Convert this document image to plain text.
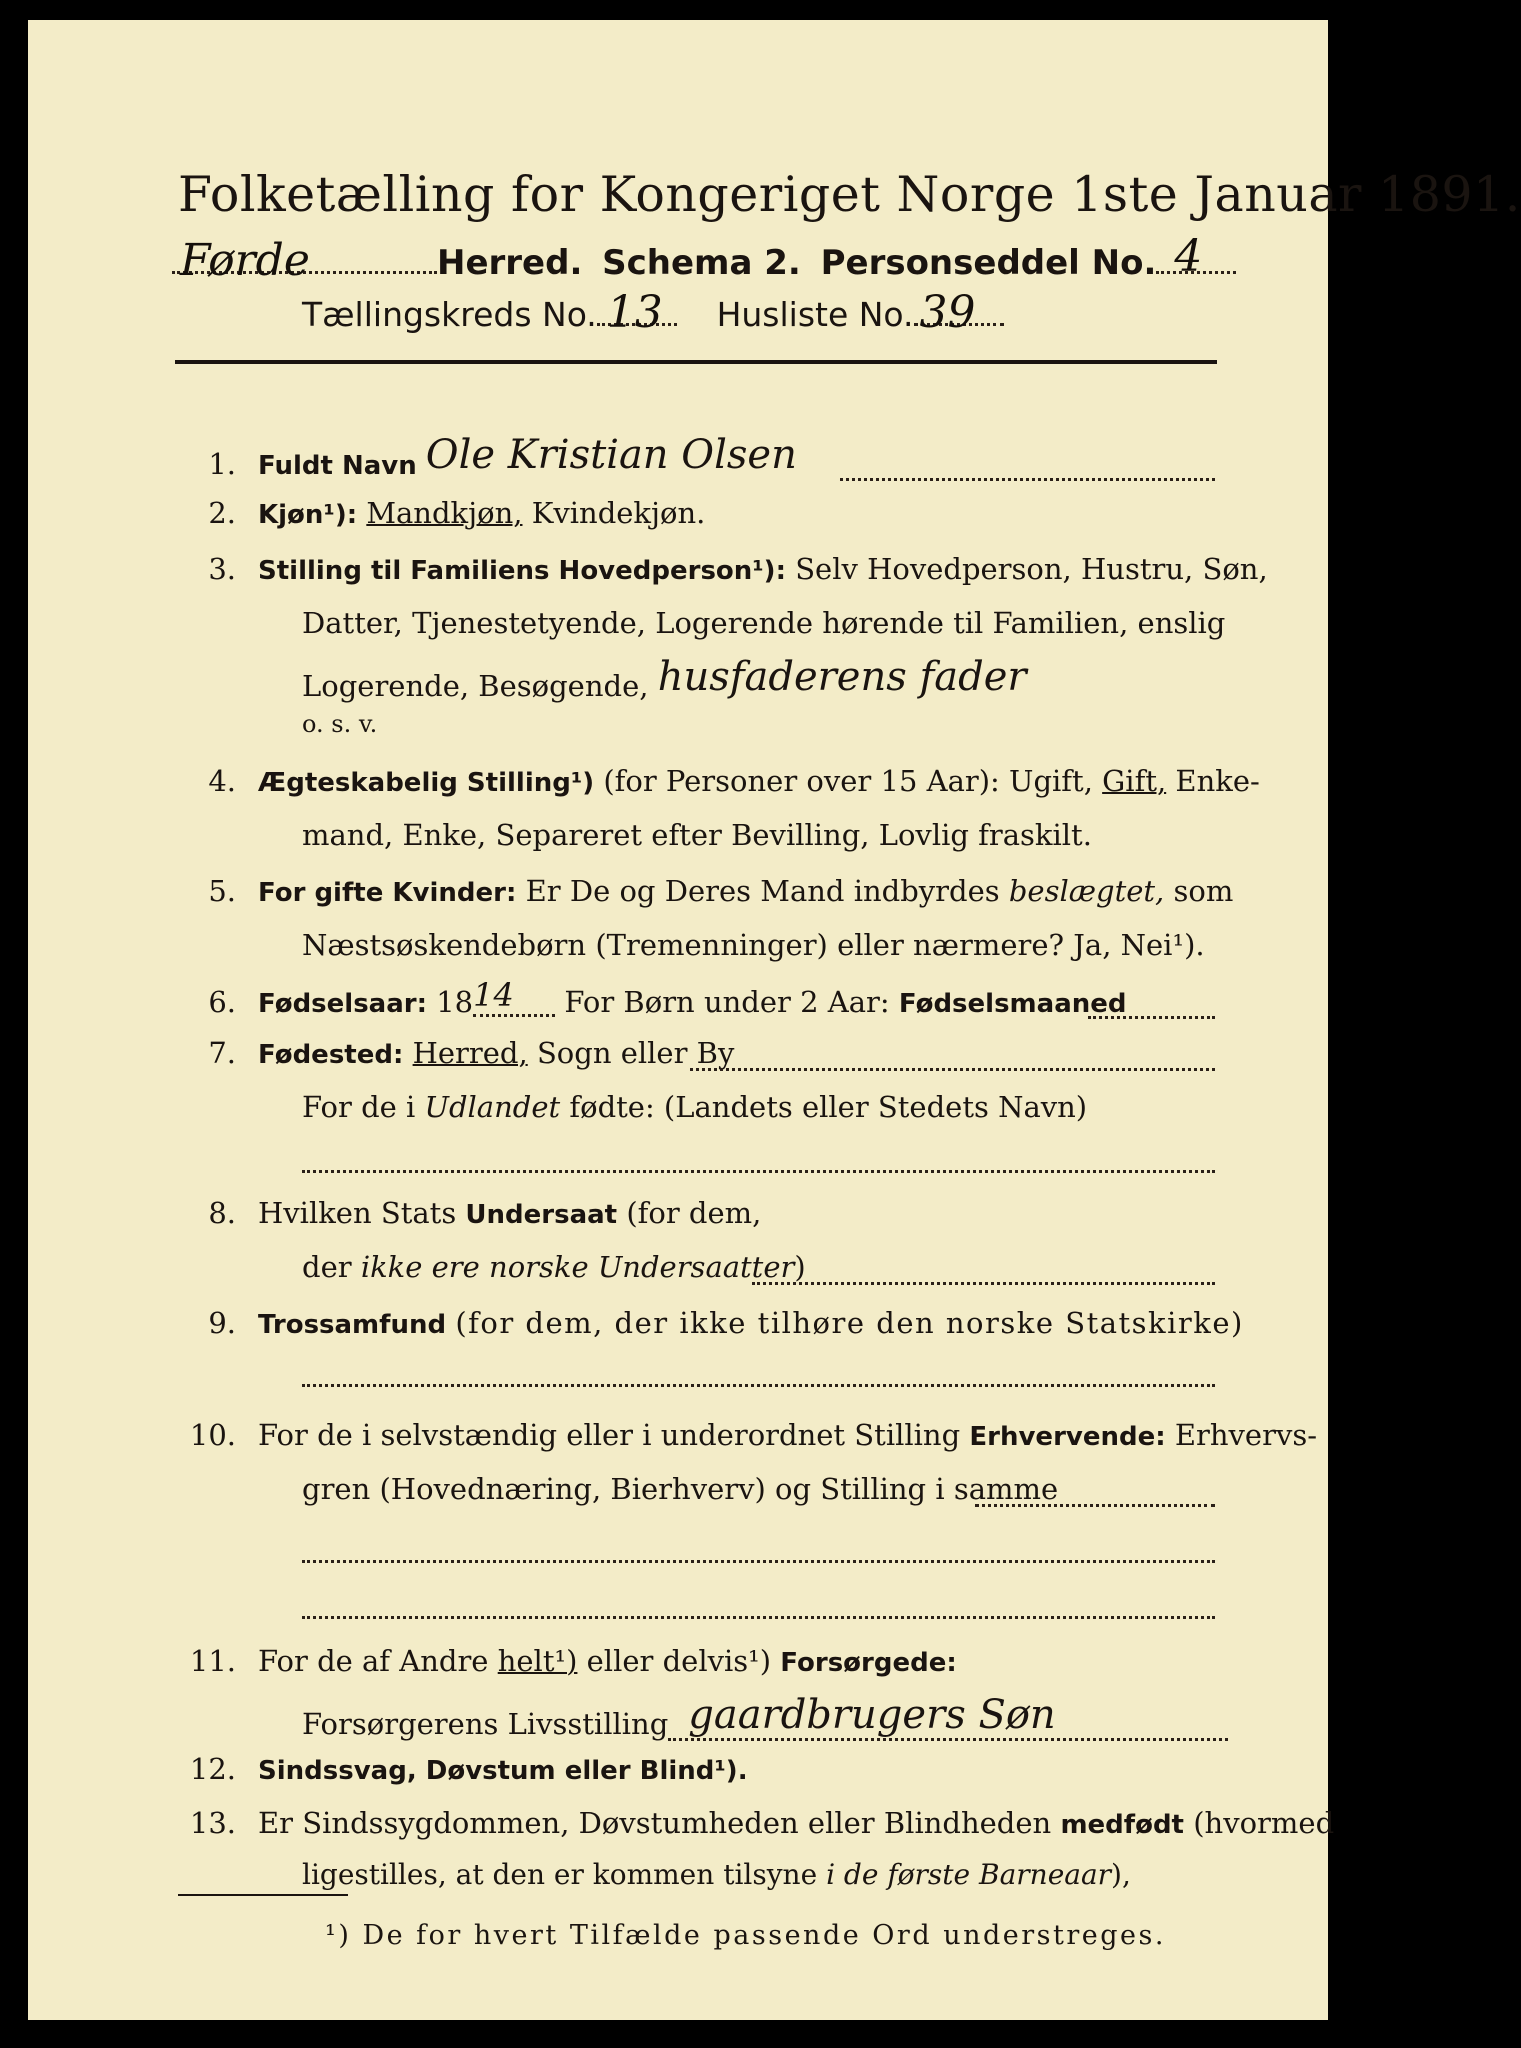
Folketælling for Kongeriget Norge 1ste Januar 1891.
Førde	Herred. Schema 2. Personseddel No. 4
Tællingskreds No. 13 Husliste No. 39
1. Fuldt Navn Ole Kristian Olsen
2. Kjøn¹): Mandkjøn, Kvindekjøn.
3. Stilling til Familiens Hovedperson¹): Selv Hovedperson, Hustru, Søn,
Datter, Tjenestetyende, Logerende hørende til Familien, enslig
Logerende, Besøgende, husfaderens fader
o. s. v.
4. Ægteskabelig Stilling¹) (for Personer over 15 Aar): Ugift, Gift, Enke-
mand, Enke, Separeret efter Bevilling, Lovlig fraskilt.
5. For gifte Kvinder: Er De og Deres Mand indbyrdes beslægtet, som
Næstsøskendebørn (Tremenninger) eller nærmere? Ja, Nei¹).
6. Fødselsaar: 1814 For Børn under 2 Aar: Fødselsmaaned
7. Fødested: Herred, Sogn eller By
For de i Udlandet fødte: (Landets eller Stedets Navn)
8. Hvilken Stats Undersaat (for dem,
der ikke ere norske Undersaatter)
9. Trossamfund (for dem, der ikke tilhøre den norske Statskirke)
10. For de i selvstændig eller i underordnet Stilling Erhvervende: Erhvervs-
gren (Hovednæring, Bierhverv) og Stilling i samme
11. For de af Andre helt¹) eller delvis¹) Forsørgede:
Forsørgerens Livsstilling gaardbrugers Søn
12. Sindssvag, Døvstum eller Blind¹).
13. Er Sindssygdommen, Døvstumheden eller Blindheden medfødt (hvormed
ligestilles, at den er kommen tilsyne i de første Barneaar),
¹) De for hvert Tilfælde passende Ord understreges.
